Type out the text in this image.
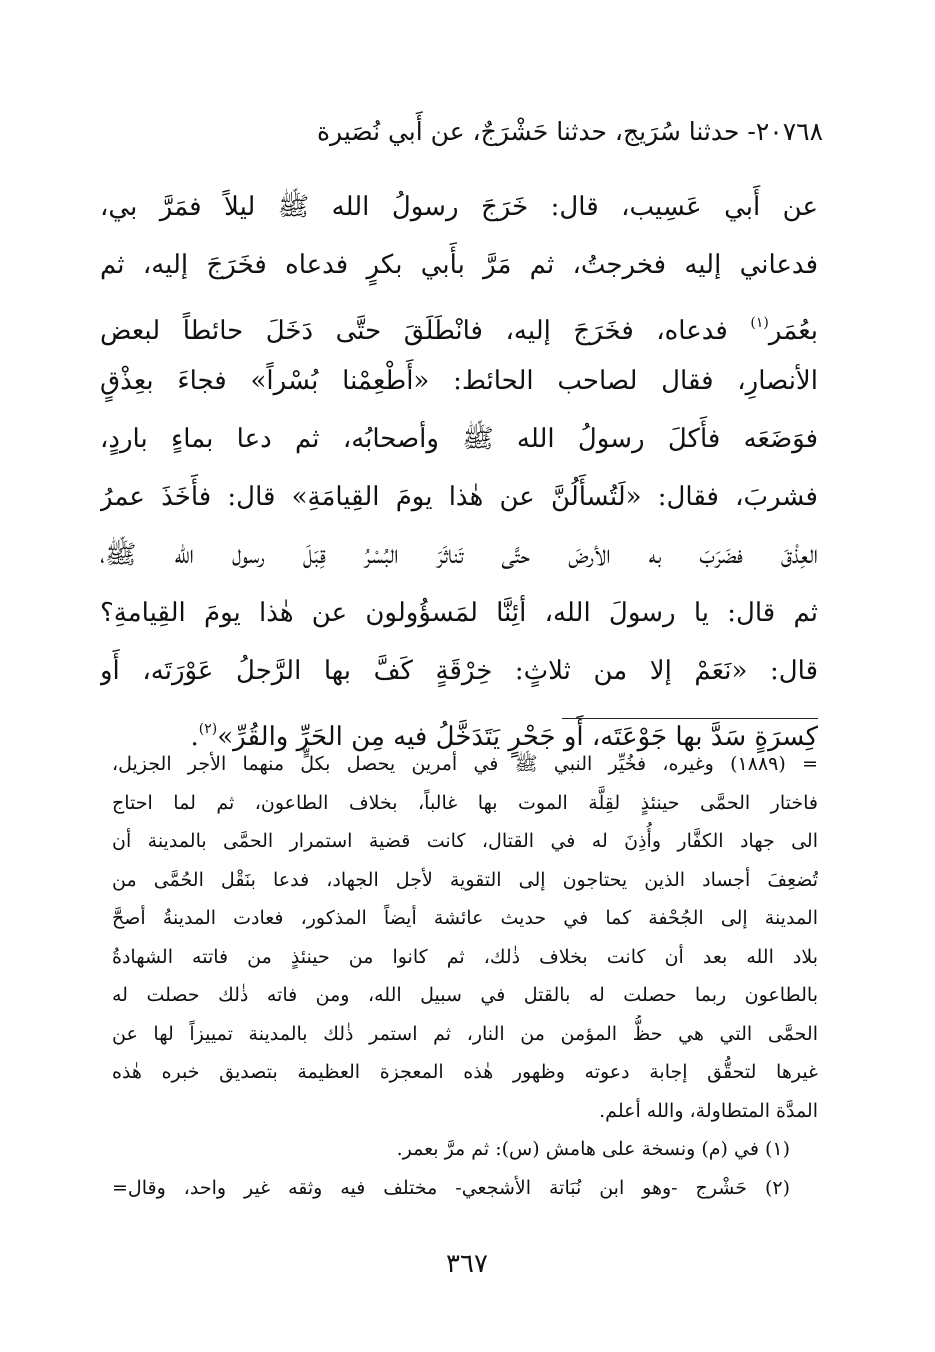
٢٠٧٦٨- حدثنا سُرَيج، حدثنا حَشْرَجٌ، عن أَبي نُصَيرة
عن أَبي عَسِيب، قال: خَرَجَ رسولُ الله ﷺ ليلاً فمَرَّ بي،
فدعاني إليه فخرجتُ، ثم مَرَّ بأَبي بكرٍ فدعاه فخَرَجَ إليه، ثم
بعُمَر$^{(١)}$ فدعاه، فخَرَجَ إليه، فانْطَلَقَ حتَّى دَخَلَ حائطاً لبعض
الأنصارِ، فقال لصاحب الحائط: «أَطْعِمْنا بُسْراً» فجاءَ بعِذْقٍ
فوَضَعَه فأَكلَ رسولُ الله ﷺ وأصحابُه، ثم دعا بماءٍ باردٍ،
فشربَ، فقال: «لَتُسأَلُنَّ عن هٰذا يومَ القِيامَةِ» قال: فأَخَذَ عمرُ
العِذْقَ فضَرَبَ به الأرضَ حتَّى تَناثَرَ البُسْرُ قِبَلَ رسول الله ﷺ،
ثم قال: يا رسولَ الله، أئِنَّا لمَسؤُولون عن هٰذا يومَ القِيامةِ؟
قال: «نَعَمْ إلا من ثلاثٍ: خِرْقَةٍ كَفَّ بها الرَّجلُ عَوْرَتَه، أَو
كِسرَةٍ سَدَّ بها جَوْعَتَه، أَو جَحْرٍ يَتَدَخَّلُ فيه مِن الحَرِّ والقُرِّ»$^{(٢)}$.
= (١٨٨٩) وغيره، فخُيِّر النبي ﷺ في أمرين يحصل بكلٍّ منهما الأجر الجزيل،
فاختار الحمَّى حينئذٍ لقِلَّة الموت بها غالباً، بخلاف الطاعون، ثم لما احتاج
الى جهاد الكفَّار وأُذِنَ له في القتال، كانت قضية استمرار الحمَّى بالمدينة أن
تُضعِفَ أجساد الذين يحتاجون إلى التقوية لأجل الجهاد، فدعا بنَقْل الحُمَّى من
المدينة إلى الجُحْفة كما في حديث عائشة أيضاً المذكور، فعادت المدينةُ أصحَّ
بلاد الله بعد أن كانت بخلاف ذٰلك، ثم كانوا من حينئذٍ من فاتته الشهادةُ
بالطاعون ربما حصلت له بالقتل في سبيل الله، ومن فاته ذٰلك حصلت له
الحمَّى التي هي حظُّ المؤمن من النار، ثم استمر ذٰلك بالمدينة تمييزاً لها عن
غيرها لتحقُّق إجابة دعوته وظهور هٰذه المعجزة العظيمة بتصديق خبره هٰذه
المدَّة المتطاولة، والله أعلم.
(١) في (م) ونسخة على هامش (س): ثم مرَّ بعمر.
(٢) حَشْرج -وهو ابن نُبَاتة الأشجعي- مختلف فيه وثقه غير واحد، وقال=
٣٦٧
